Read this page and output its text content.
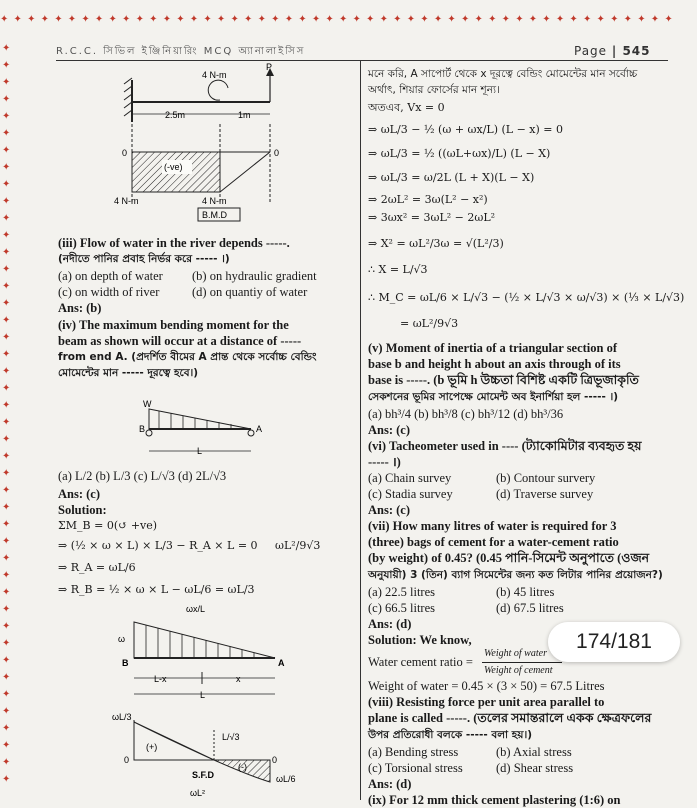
✦ ✦ ✦ ✦ ✦ ✦ ✦ ✦ ✦ ✦ ✦ ✦ ✦ ✦ ✦ ✦ ✦ ✦ ✦ ✦ ✦ ✦ ✦ ✦ ✦ ✦ ✦ ✦ ✦ ✦ ✦ ✦ ✦ ✦ ✦ ✦ ✦ ✦ ✦ ✦ ✦ ✦ ✦ ✦ ✦ ✦ ✦ ✦ ✦ ✦
✦
✦
✦
✦
✦
✦
✦
✦
✦
✦
✦
✦
✦
✦
✦
✦
✦
✦
✦
✦
✦
✦
✦
✦
✦
✦
✦
✦
✦
✦
✦
✦
✦
✦
✦
✦
✦
✦
✦
✦
✦
✦
✦
✦
R.C.C. সিভিল ইঞ্জিনিয়ারিং MCQ অ্যানালাইসিস	Page | 545
P
4 N-m
2.5m	1m
(-ve)
0	0
4 N-m	4 N-m
B.M.D
(iii) Flow of water in the river depends -----.
(নদীতে পানির প্রবাহ নির্ভর করে ----- ।)
(a) on depth of water (b) on hydraulic gradient
(c) on width of river	(d) on quantiy of water
Ans: (b)
(iv) The maximum bending moment for the
beam as shown will occur at a distance of -----
from end A. (প্রদর্শিত বীমের A প্রান্ত থেকে সর্বোচ্চ বেন্ডিং
মোমেন্টের মান ----- দূরত্বে হবে।)
W
B	A
L
(a) L/2 (b) L/3 (c) L/√3 (d) 2L/√3
Ans: (c)
Solution:
ΣM_B = 0(↺ +ve)
⇒ (½ × ω × L) × L/3 − R_A × L = 0 ωL²/9√3
⇒ R_A = ωL/6
⇒ R_B = ½ × ω × L − ωL/6 = ωL/3
ωx/L
ω
B	A
L-x	x
L
ωL/3
(+)
(-)
L/√3
0	0
S.F.D	ωL/6
ωL²
মনে করি, A সাপোর্ট থেকে x দূরত্বে বেন্ডিং মোমেন্টের মান সর্বোচ্চ
অর্থাৎ, শিয়ার ফোর্সের মান শূন্য।
অতএব, Vx = 0
⇒ ωL/3 − ½ (ω + ωx/L) (L − x) = 0
⇒ ωL/3 = ½ ((ωL+ωx)/L) (L − X)
⇒ ωL/3 = ω/2L (L + X)(L − X)
⇒ 2ωL² = 3ω(L² − x²)
⇒ 3ωx² = 3ωL² − 2ωL²
⇒ X² = ωL²/3ω = √(L²/3)
∴ X = L/√3
∴ M_C = ωL/6 × L/√3 − (½ × L/√3 × ω/√3) × (⅓ × L/√3)
= ωL²/9√3
(v) Moment of inertia of a triangular section of
base b and height h about an axis through of its
base is -----. (b ভূমি h উচ্চতা বিশিষ্ট একটি ত্রিভূজাকৃতি
সেকশনের ভূমির সাপেক্ষে মোমেন্ট অব ইনার্শিয়া হল ----- ।)
(a) bh³/4 (b) bh³/8 (c) bh³/12 (d) bh³/36
Ans: (c)
(vi) Tacheometer used in ---- (ট্যাকোমিটার ব্যবহৃত হয়
----- ।)
(a) Chain survey	(b) Contour survery
(c) Stadia survey	(d) Traverse survey
Ans: (c)
(vii) How many litres of water is required for 3
(three) bags of cement for a water-cement ratio
(by weight) of 0.45? (0.45 পানি-সিমেন্ট অনুপাতে (ওজন
অনুযায়ী) 3 (তিন) ব্যাগ সিমেন্টের জন্য কত লিটার পানির প্রয়োজন?)
(a) 22.5 litres	(b) 45 litres
(c) 66.5 litres	(d) 67.5 litres
Ans: (d)
Solution: We know,
Water cement ratio =
Weight of water
Weight of cement
Weight of water = 0.45 × (3 × 50) = 67.5 Litres
(viii) Resisting force per unit area parallel to
plane is called -----. (তলের সমান্তরালে একক ক্ষেত্রফলের
উপর প্রতিরোধী বলকে ----- বলা হয়।)
(a) Bending stress	(b) Axial stress
(c) Torsional stress	(d) Shear stress
Ans: (d)
(ix) For 12 mm thick cement plastering (1:6) on
174/181
